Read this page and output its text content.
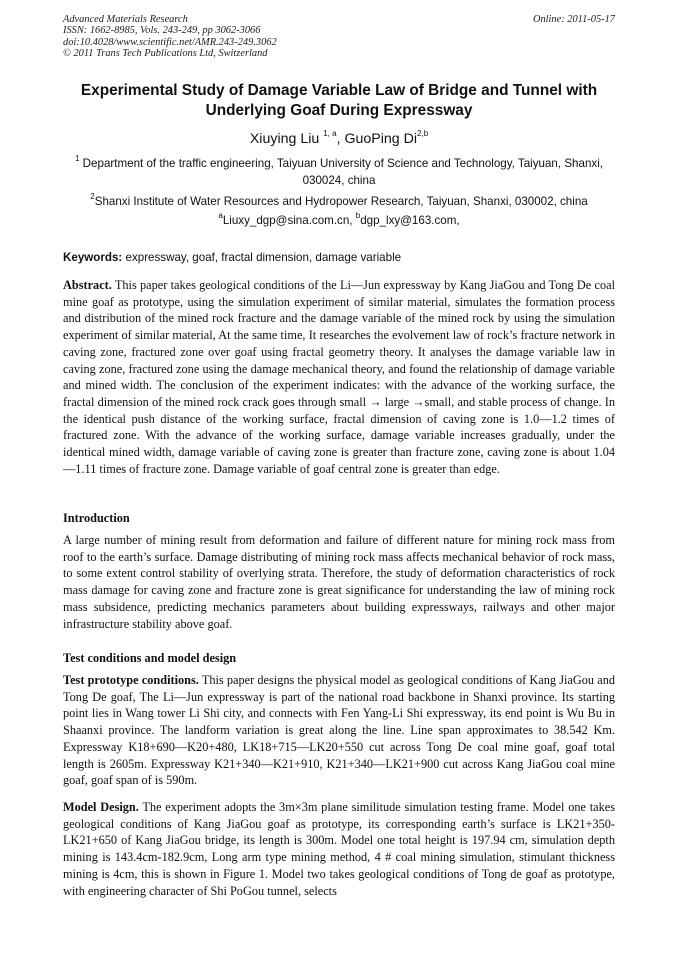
Advanced Materials Research
ISSN: 1662-8985, Vols. 243-249, pp 3062-3066
doi:10.4028/www.scientific.net/AMR.243-249.3062
© 2011 Trans Tech Publications Ltd, Switzerland
Online: 2011-05-17
Experimental Study of Damage Variable Law of Bridge and Tunnel with Underlying Goaf During Expressway
Xiuying Liu $^{1, a}$, GuoPing Di$^{2,b}$
$^1$ Department of the traffic engineering, Taiyuan University of Science and Technology, Taiyuan, Shanxi, 030024, china
$^2$Shanxi Institute of Water Resources and Hydropower Research, Taiyuan, Shanxi, 030002, china
$^a$Liuxy_dgp@sina.com.cn, $^b$dgp_lxy@163.com,
Keywords: expressway, goaf, fractal dimension, damage variable
Abstract. This paper takes geological conditions of the Li—Jun expressway by Kang JiaGou and Tong De coal mine goaf as prototype, using the simulation experiment of similar material, simulates the formation process and distribution of the mined rock fracture and the damage variable of the mined rock by using the simulation experiment of similar material, At the same time, It researches the evolvement law of rock’s fracture network in caving zone, fractured zone over goaf using fractal geometry theory. It analyses the damage variable law in caving zone, fractured zone using the damage mechanical theory, and found the relationship of damage variable and mined width. The conclusion of the experiment indicates: with the advance of the working surface, the fractal dimension of the mined rock crack goes through small → large →small, and stable process of change. In the identical push distance of the working surface, fractal dimension of caving zone is 1.0—1.2 times of fractured zone. With the advance of the working surface, damage variable increases gradually, under the identical mined width, damage variable of caving zone is greater than fracture zone, caving zone is about 1.04—1.11 times of fracture zone. Damage variable of goaf central zone is greater than edge.
Introduction
A large number of mining result from deformation and failure of different nature for mining rock mass from roof to the earth’s surface. Damage distributing of mining rock mass affects mechanical behavior of rock mass, to some extent control stability of overlying strata. Therefore, the study of deformation characteristics of rock mass damage for caving zone and fracture zone is great significance for understanding the law of mining rock mass subsidence, predicting mechanics parameters about building expressways, railways and other major infrastructure stability above goaf.
Test conditions and model design
Test prototype conditions. This paper designs the physical model as geological conditions of Kang JiaGou and Tong De goaf, The Li—Jun expressway is part of the national road backbone in Shanxi province. Its starting point lies in Wang tower Li Shi city, and connects with Fen Yang-Li Shi expressway, its end point is Wu Bu in Shaanxi province. The landform variation is great along the line. Line span approximates to 38.542 Km. Expressway K18+690—K20+480, LK18+715—LK20+550 cut across Tong De coal mine goaf, goaf total length is 2605m. Expressway K21+340—K21+910, K21+340—LK21+900 cut across Kang JiaGou coal mine goaf, goaf span of is 590m.
Model Design. The experiment adopts the 3m×3m plane similitude simulation testing frame. Model one takes geological conditions of Kang JiaGou goaf as prototype, its corresponding earth’s surface is LK21+350-LK21+650 of Kang JiaGou bridge, its length is 300m. Model one total height is 197.94 cm, simulation depth mining is 143.4cm-182.9cm, Long arm type mining method, 4 # coal mining simulation, stimulant thickness mining is 4cm, this is shown in Figure 1. Model two takes geological conditions of Tong de goaf as prototype, with engineering character of Shi PoGou tunnel, selects
